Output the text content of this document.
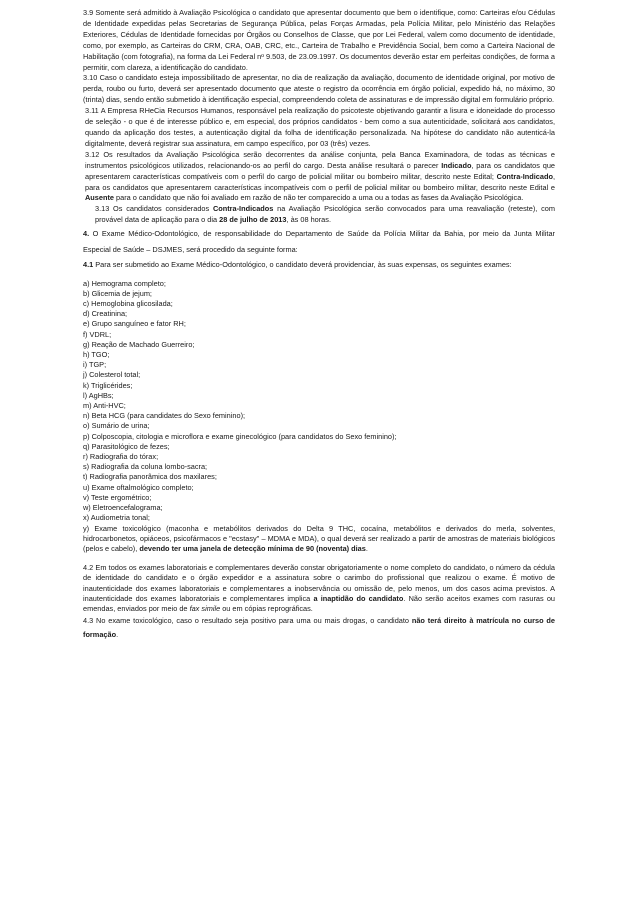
3.9 Somente será admitido à Avaliação Psicológica o candidato que apresentar documento que bem o identifique, como: Carteiras e/ou Cédulas de Identidade expedidas pelas Secretarias de Segurança Pública, pelas Forças Armadas, pela Polícia Militar, pelo Ministério das Relações Exteriores, Cédulas de Identidade fornecidas por Órgãos ou Conselhos de Classe, que por Lei Federal, valem como documento de identidade, como, por exemplo, as Carteiras do CRM, CRA, OAB, CRC, etc., Carteira de Trabalho e Previdência Social, bem como a Carteira Nacional de Habilitação (com fotografia), na forma da Lei Federal nº 9.503, de 23.09.1997. Os documentos deverão estar em perfeitas condições, de forma a permitir, com clareza, a identificação do candidato.

3.10 Caso o candidato esteja impossibilitado de apresentar, no dia de realização da avaliação, documento de identidade original, por motivo de perda, roubo ou furto, deverá ser apresentado documento que ateste o registro da ocorrência em órgão policial, expedido há, no máximo, 30 (trinta) dias, sendo então submetido à identificação especial, compreendendo coleta de assinaturas e de impressão digital em formulário próprio.

3.11 A Empresa RHeCia Recursos Humanos, responsável pela realização do psicoteste objetivando garantir a lisura e idoneidade do processo de seleção - o que é de interesse público e, em especial, dos próprios candidatos - bem como a sua autenticidade, solicitará aos candidatos, quando da aplicação dos testes, a autenticação digital da folha de identificação personalizada. Na hipótese do candidato não autenticá-la digitalmente, deverá registrar sua assinatura, em campo específico, por 03 (três) vezes.

3.12 Os resultados da Avaliação Psicológica serão decorrentes da análise conjunta, pela Banca Examinadora, de todas as técnicas e instrumentos psicológicos utilizados, relacionando-os ao perfil do cargo. Desta análise resultará o parecer Indicado, para os candidatos que apresentarem características compatíveis com o perfil do cargo de policial militar ou bombeiro militar, descrito neste Edital; Contra-Indicado, para os candidatos que apresentarem características incompatíveis com o perfil de policial militar ou bombeiro militar, descrito neste Edital e Ausente para o candidato que não foi avaliado em razão de não ter comparecido a uma ou a todas as fases da Avaliação Psicológica.

3.13 Os candidatos considerados Contra-Indicados na Avaliação Psicológica serão convocados para uma reavaliação (reteste), com provável data de aplicação para o dia 28 de julho de 2013, às 08 horas.

4. O Exame Médico-Odontológico, de responsabilidade do Departamento de Saúde da Polícia Militar da Bahia, por meio da Junta Militar Especial de Saúde – DSJMES, será procedido da seguinte forma:

4.1 Para ser submetido ao Exame Médico-Odontológico, o candidato deverá providenciar, às suas expensas, os seguintes exames:

a) Hemograma completo;
b) Glicemia de jejum;
c) Hemoglobina glicosilada;
d) Creatinina;
e) Grupo sanguíneo e fator RH;
f) VDRL;
g) Reação de Machado Guerreiro;
h) TGO;
i) TGP;
j) Colesterol total;
k) Triglicérides;
l) AgHBs;
m) Anti-HVC;
n) Beta HCG (para candidates do Sexo feminino);
o) Sumário de urina;
p) Colposcopia, citologia e microflora e exame ginecológico (para candidatos do Sexo feminino);
q) Parasitológico de fezes;
r) Radiografia do tórax;
s) Radiografia da coluna lombo-sacra;
t) Radiografia panorâmica dos maxilares;
u) Exame oftalmológico completo;
v) Teste ergométrico;
w) Eletroencefalograma;
x) Audiometria tonal;

y) Exame toxicológico (maconha e metabólitos derivados do Delta 9 THC, cocaína, metabólitos e derivados do merla, solventes, hidrocarbonetos, opiáceos, psicofármacos e "ecstasy" – MDMA e MDA), o qual deverá ser realizado a partir de amostras de materiais biológicos (pelos e cabelo), devendo ter uma janela de detecção mínima de 90 (noventa) dias.

4.2 Em todos os exames laboratoriais e complementares deverão constar obrigatoriamente o nome completo do candidato, o número da cédula de identidade do candidato e o órgão expedidor e a assinatura sobre o carimbo do profissional que realizou o exame. É motivo de inautenticidade dos exames laboratoriais e complementares a inobservância ou omissão de, pelo menos, um dos casos acima previstos. A inautenticidade dos exames laboratoriais e complementares implica a inaptidão do candidato. Não serão aceitos exames com rasuras ou emendas, enviados por meio de fax simile ou em cópias reprográficas.

4.3 No exame toxicológico, caso o resultado seja positivo para uma ou mais drogas, o candidato não terá direito à matrícula no curso de formação.
